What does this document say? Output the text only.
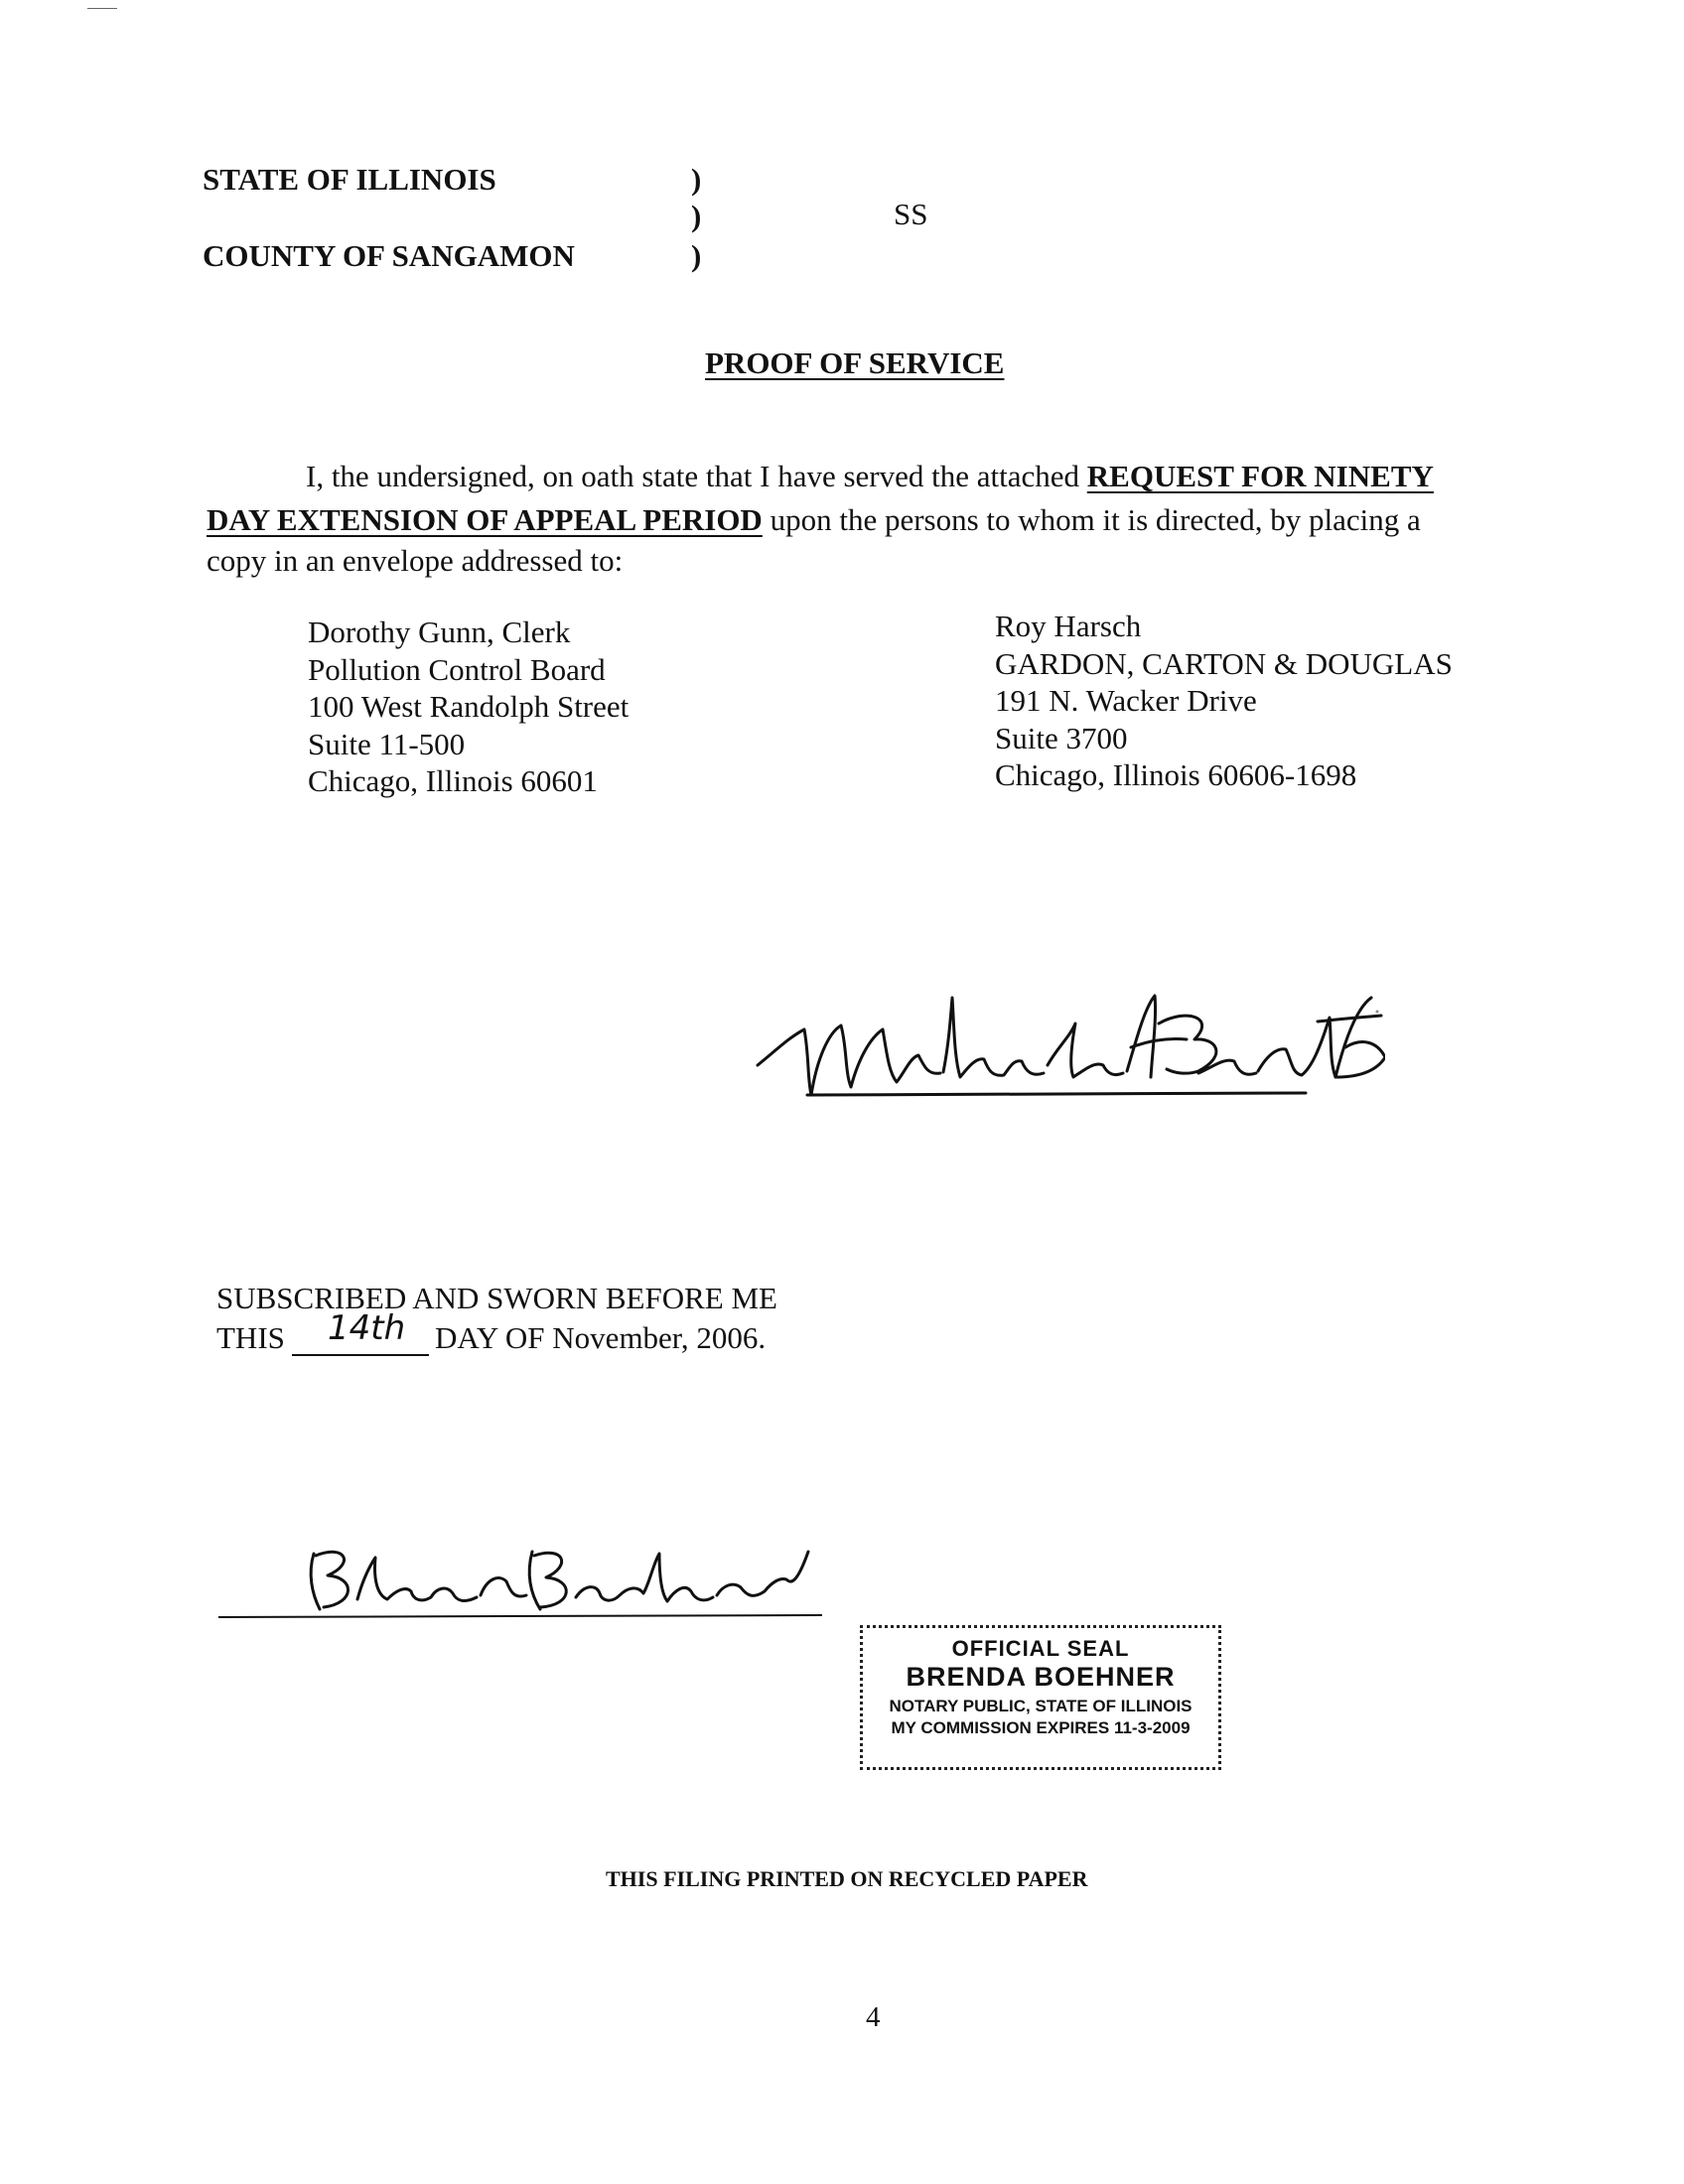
STATE OF ILLINOIS
COUNTY OF SANGAMON
)
)
)
SS
PROOF OF SERVICE
I, the undersigned, on oath state that I have served the attached REQUEST FOR NINETY
DAY EXTENSION OF APPEAL PERIOD upon the persons to whom it is directed, by placing a
copy in an envelope addressed to:
Dorothy Gunn, Clerk
Pollution Control Board
100 West Randolph Street
Suite 11-500
Chicago, Illinois 60601
Roy Harsch
GARDON, CARTON & DOUGLAS
191 N. Wacker Drive
Suite 3700
Chicago, Illinois 60606-1698
SUBSCRIBED AND SWORN BEFORE ME
THIS 14th DAY OF November, 2006.
OFFICIAL SEAL
BRENDA BOEHNER
NOTARY PUBLIC, STATE OF ILLINOIS
MY COMMISSION EXPIRES 11-3-2009
THIS FILING PRINTED ON RECYCLED PAPER
4
